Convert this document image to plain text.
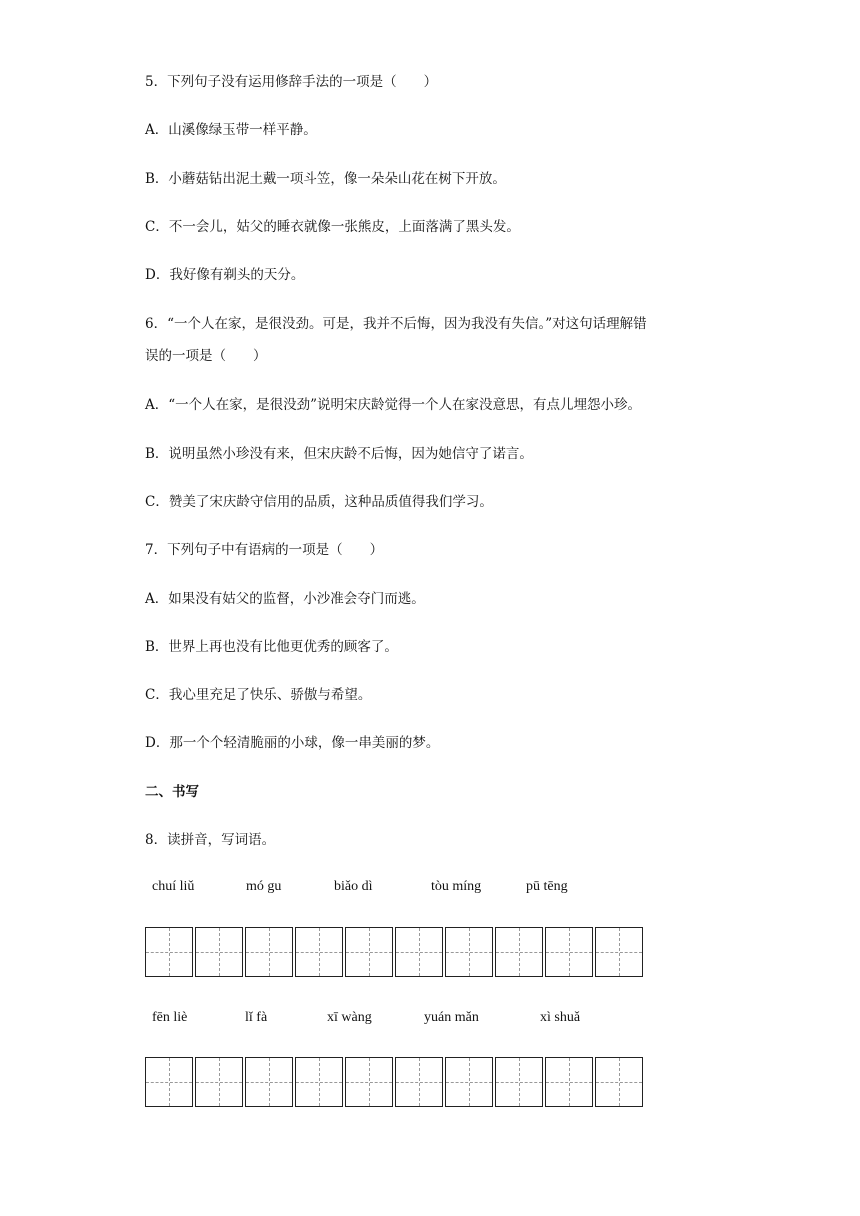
5．下列句子没有运用修辞手法的一项是（　　）
A．山溪像绿玉带一样平静。
B．小蘑菇钻出泥土戴一项斗笠，像一朵朵山花在树下开放。
C．不一会儿，姑父的睡衣就像一张熊皮，上面落满了黑头发。
D．我好像有剃头的天分。
6．“一个人在家，是很没劲。可是，我并不后悔，因为我没有失信。”对这句话理解错
误的一项是（　　）
A．“一个人在家，是很没劲”说明宋庆龄觉得一个人在家没意思，有点儿埋怨小珍。
B．说明虽然小珍没有来，但宋庆龄不后悔，因为她信守了诺言。
C．赞美了宋庆龄守信用的品质，这种品质值得我们学习。
7．下列句子中有语病的一项是（　　）
A．如果没有姑父的监督，小沙准会夺门而逃。
B．世界上再也没有比他更优秀的顾客了。
C．我心里充足了快乐、骄傲与希望。
D．那一个个轻清脆丽的小球，像一串美丽的梦。
二、书写
8．读拼音，写词语。
chuí liǔ	mó gu	biǎo dì	tòu míng	pū tēng
fēn liè	lǐ fà	xī wàng	yuán mǎn	xì shuǎ
